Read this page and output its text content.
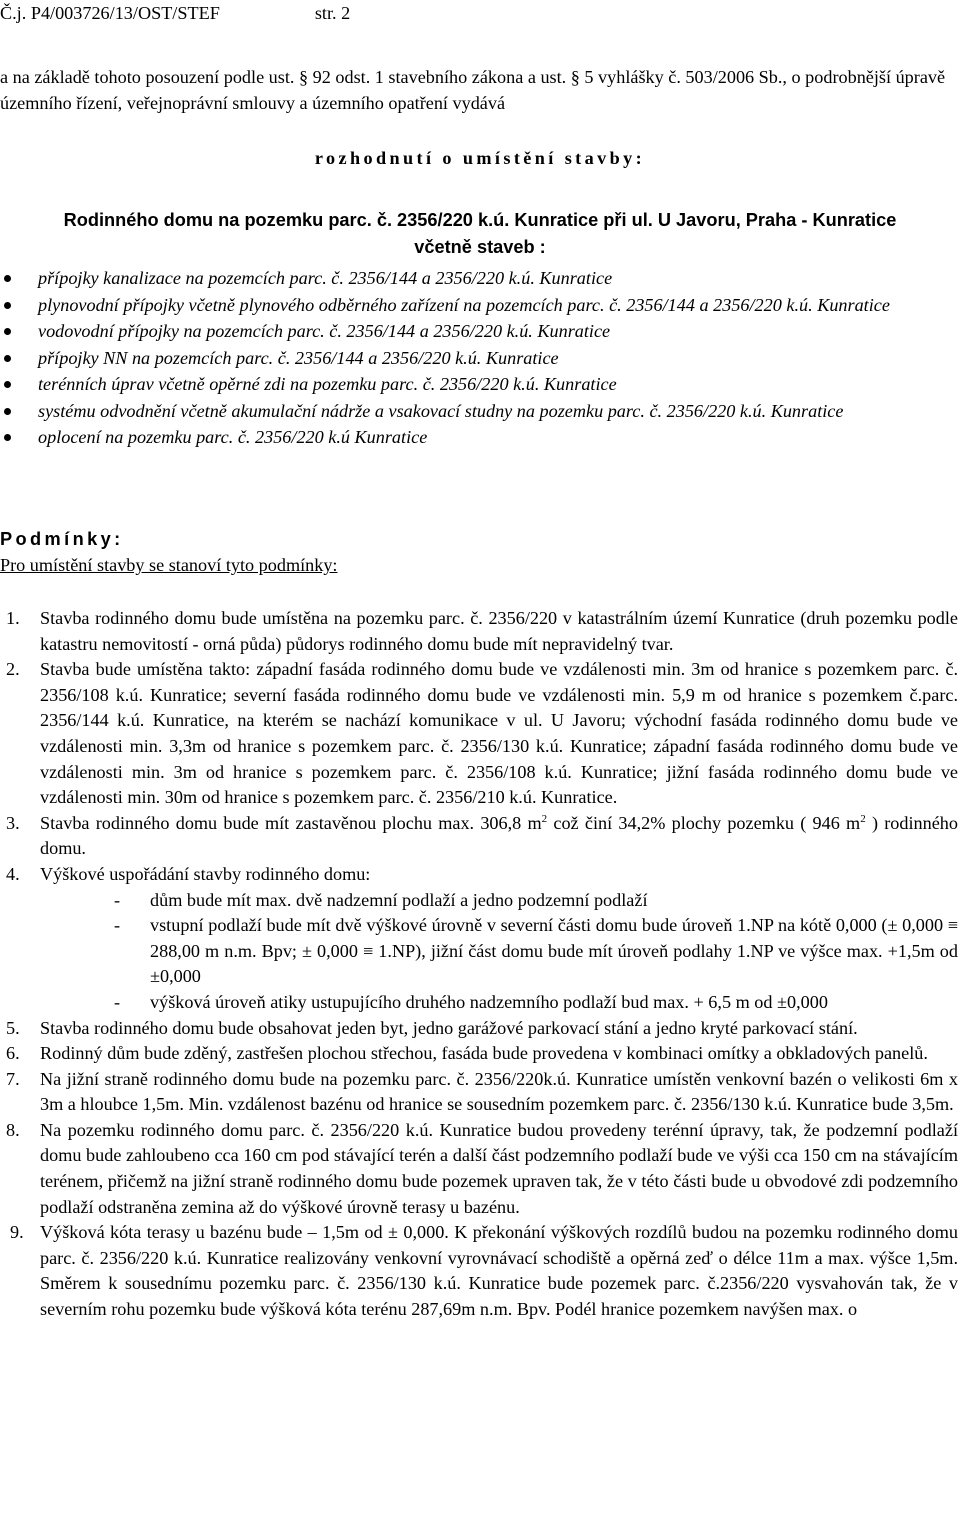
Č.j. P4/003726/13/OST/STEF	str. 2
a na základě tohoto posouzení podle ust. § 92 odst. 1 stavebního zákona a ust. § 5 vyhlášky č. 503/2006 Sb., o podrobnější úpravě územního řízení, veřejnoprávní smlouvy a územního opatření vydává
rozhodnutí o umístění stavby:
Rodinného domu na pozemku parc. č. 2356/220 k.ú. Kunratice při ul. U Javoru, Praha - Kunratice
včetně staveb :
přípojky kanalizace na pozemcích parc. č. 2356/144 a 2356/220 k.ú. Kunratice
plynovodní přípojky včetně plynového odběrného zařízení na pozemcích parc. č. 2356/144 a 2356/220 k.ú. Kunratice
vodovodní přípojky na pozemcích parc. č. 2356/144 a 2356/220 k.ú. Kunratice
přípojky NN na pozemcích parc. č. 2356/144 a 2356/220 k.ú. Kunratice
terénních úprav včetně opěrné zdi na pozemku parc. č. 2356/220 k.ú. Kunratice
systému odvodnění včetně akumulační nádrže a vsakovací studny na pozemku parc. č. 2356/220 k.ú. Kunratice
oplocení na pozemku parc. č. 2356/220 k.ú Kunratice
Podmínky:
Pro umístění stavby se stanoví tyto podmínky:
1. Stavba rodinného domu bude umístěna na pozemku parc. č. 2356/220 v katastrálním území Kunratice (druh pozemku podle katastru nemovitostí - orná půda) půdorys rodinného domu bude mít nepravidelný tvar.
2. Stavba bude umístěna takto: západní fasáda rodinného domu bude ve vzdálenosti min. 3m od hranice s pozemkem parc. č. 2356/108 k.ú. Kunratice; severní fasáda rodinného domu bude ve vzdálenosti min. 5,9 m od hranice s pozemkem č.parc. 2356/144 k.ú. Kunratice, na kterém se nachází komunikace v ul. U Javoru; východní fasáda rodinného domu bude ve vzdálenosti min. 3,3m od hranice s pozemkem parc. č. 2356/130 k.ú. Kunratice; západní fasáda rodinného domu bude ve vzdálenosti min. 3m od hranice s pozemkem parc. č. 2356/108 k.ú. Kunratice; jižní fasáda rodinného domu bude ve vzdálenosti min. 30m od hranice s pozemkem parc. č. 2356/210 k.ú. Kunratice.
3. Stavba rodinného domu bude mít zastavěnou plochu max. 306,8 $m^2$ což činí 34,2% plochy pozemku ( 946 $m^2$ ) rodinného domu.
4. Výškové uspořádání stavby rodinného domu:
- dům bude mít max. dvě nadzemní podlaží a jedno podzemní podlaží
- vstupní podlaží bude mít dvě výškové úrovně v severní části domu bude úroveň 1.NP na kótě 0,000 (± 0,000 ≡ 288,00 m n.m. Bpv; ± 0,000 ≡ 1.NP), jižní část domu bude mít úroveň podlahy 1.NP ve výšce max. +1,5m od ±0,000
- výšková úroveň atiky ustupujícího druhého nadzemního podlaží bud max. + 6,5 m od ±0,000
5. Stavba rodinného domu bude obsahovat jeden byt, jedno garážové parkovací stání a jedno kryté parkovací stání.
6. Rodinný dům bude zděný, zastřešen plochou střechou, fasáda bude provedena v kombinaci omítky a obkladových panelů.
7. Na jižní straně rodinného domu bude na pozemku parc. č. 2356/220k.ú. Kunratice umístěn venkovní bazén o velikosti 6m x 3m a hloubce 1,5m. Min. vzdálenost bazénu od hranice se sousedním pozemkem parc. č. 2356/130 k.ú. Kunratice bude 3,5m.
8. Na pozemku rodinného domu parc. č. 2356/220 k.ú. Kunratice budou provedeny terénní úpravy, tak, že podzemní podlaží domu bude zahloubeno cca 160 cm pod stávající terén a další část podzemního podlaží bude ve výši cca 150 cm na stávajícím terénem, přičemž na jižní straně rodinného domu bude pozemek upraven tak, že v této části bude u obvodové zdi podzemního podlaží odstraněna zemina až do výškové úrovně terasy u bazénu.
9. Výšková kóta terasy u bazénu bude – 1,5m od ± 0,000. K překonání výškových rozdílů budou na pozemku rodinného domu parc. č. 2356/220 k.ú. Kunratice realizovány venkovní vyrovnávací schodiště a opěrná zeď o délce 11m a max. výšce 1,5m. Směrem k sousednímu pozemku parc. č. 2356/130 k.ú. Kunratice bude pozemek parc. č.2356/220 vysvahován tak, že v severním rohu pozemku bude výšková kóta terénu 287,69m n.m. Bpv. Podél hranice pozemkem navýšen max. o
